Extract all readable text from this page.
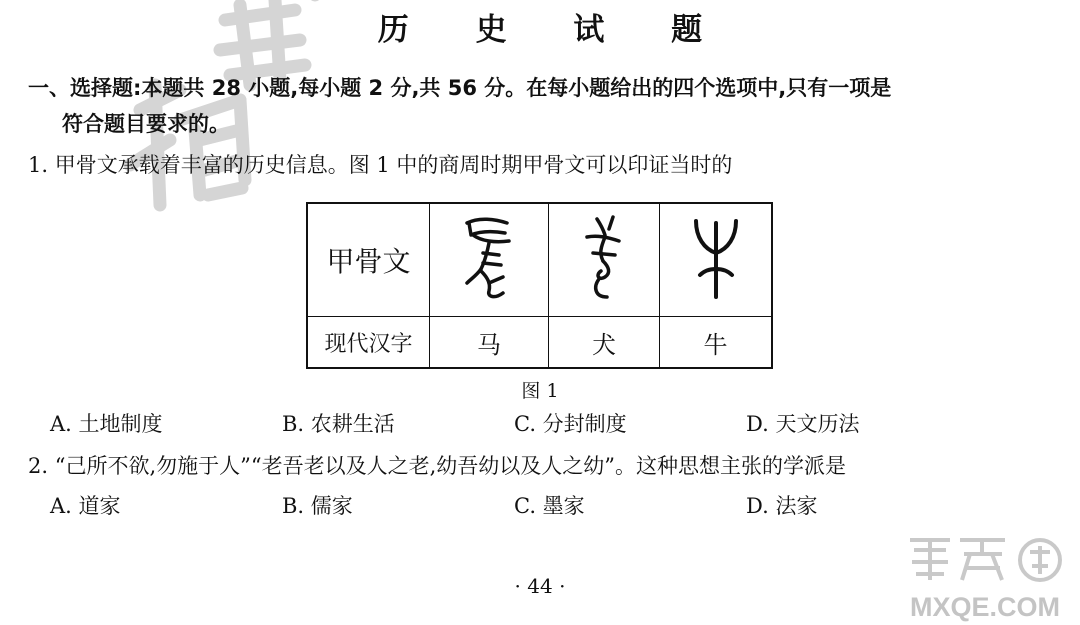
MXQE.COM
历 史 试 题
一、选择题:本题共 28 小题,每小题 2 分,共 56 分。在每小题给出的四个选项中,只有一项是
符合题目要求的。
1. 甲骨文承载着丰富的历史信息。图 1 中的商周时期甲骨文可以印证当时的
甲骨文			
现代汉字	马	犬	牛
图 1
A. 土地制度	B. 农耕生活	C. 分封制度	D. 天文历法
2. “己所不欲,勿施于人”“老吾老以及人之老,幼吾幼以及人之幼”。这种思想主张的学派是
A. 道家	B. 儒家	C. 墨家	D. 法家
· 44 ·
